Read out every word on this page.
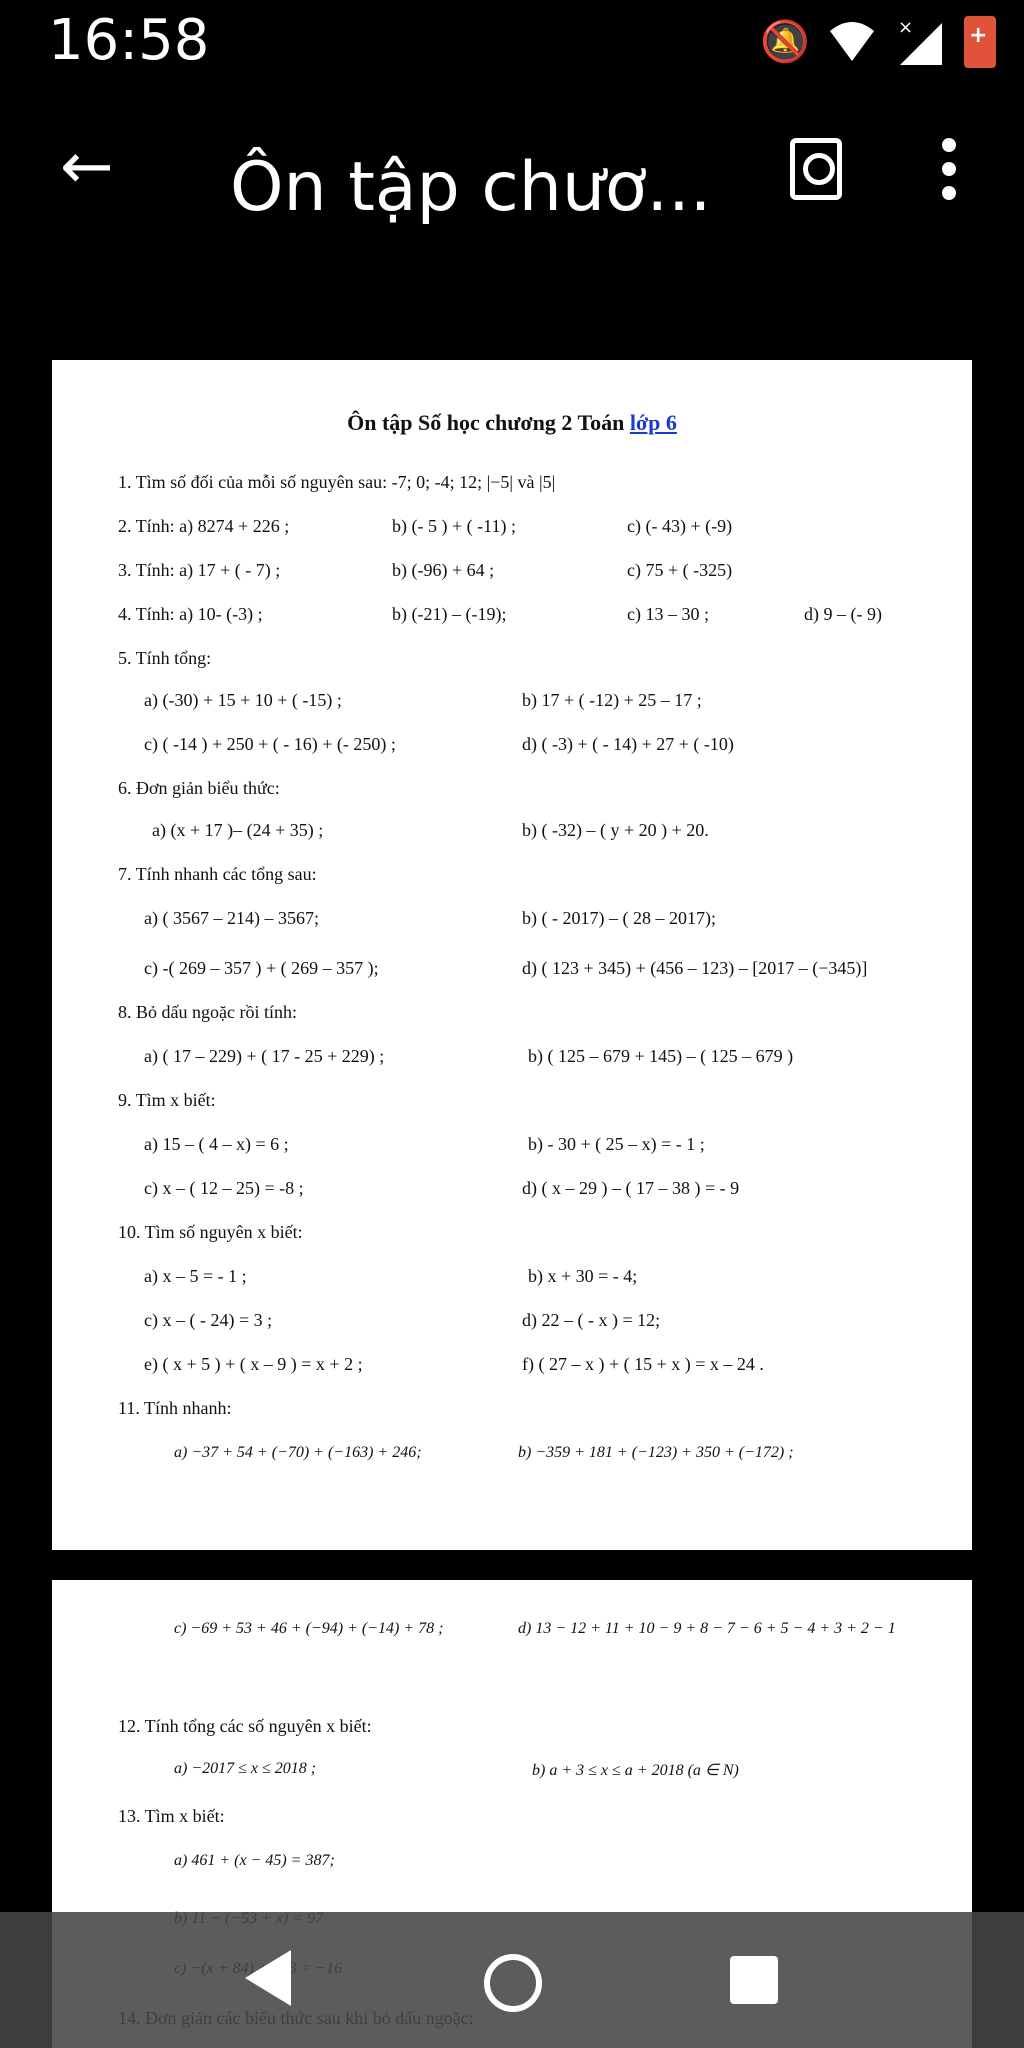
16:58	🔕	×
+
← Ôn tập chươ...
Ôn tập Số học chương 2 Toán lớp 6
1. Tìm số đối của mỗi số nguyên sau: -7; 0; -4; 12; |−5| và |5|
2. Tính: a) 8274 + 226 ;	b) (- 5 ) + ( -11) ;	c) (- 43) + (-9)
3. Tính: a) 17 + ( - 7) ;	b) (-96) + 64 ;	c) 75 + ( -325)
4. Tính: a) 10- (-3) ;	b) (-21) – (-19);	c) 13 – 30 ;	d) 9 – (- 9)
5. Tính tổng:
a) (-30) + 15 + 10 + ( -15) ;	b) 17 + ( -12) + 25 – 17 ;
c) ( -14 ) + 250 + ( - 16) + (- 250) ;	d) ( -3) + ( - 14) + 27 + ( -10)
6. Đơn giản biểu thức:
a) (x + 17 )– (24 + 35) ;	b) ( -32) – ( y + 20 ) + 20.
7. Tính nhanh các tổng sau:
a) ( 3567 – 214) – 3567;	b) ( - 2017) – ( 28 – 2017);
c) -( 269 – 357 ) + ( 269 – 357 );	d) ( 123 + 345) + (456 – 123) – [2017 – (−345)]
8. Bỏ dấu ngoặc rồi tính:
a) ( 17 – 229) + ( 17 - 25 + 229) ;	b) ( 125 – 679 + 145) – ( 125 – 679 )
9. Tìm x biết:
a) 15 – ( 4 – x) = 6 ;	b) - 30 + ( 25 – x) = - 1 ;
c) x – ( 12 – 25) = -8 ;	d) ( x – 29 ) – ( 17 – 38 ) = - 9
10. Tìm số nguyên x biết:
a) x – 5 = - 1 ;	b) x + 30 = - 4;
c) x – ( - 24) = 3 ;	d) 22 – ( - x ) = 12;
e) ( x + 5 ) + ( x – 9 ) = x + 2 ;	f) ( 27 – x ) + ( 15 + x ) = x – 24 .
11. Tính nhanh:
a) −37 + 54 + (−70) + (−163) + 246;	b) −359 + 181 + (−123) + 350 + (−172) ;
c) −69 + 53 + 46 + (−94) + (−14) + 78 ;	d) 13 − 12 + 11 + 10 − 9 + 8 − 7 − 6 + 5 − 4 + 3 + 2 − 1
12. Tính tổng các số nguyên x biết:
a) −2017 ≤ x ≤ 2018 ;	b) a + 3 ≤ x ≤ a + 2018 (a ∈ N)
13. Tìm x biết:
a) 461 + (x − 45) = 387;
